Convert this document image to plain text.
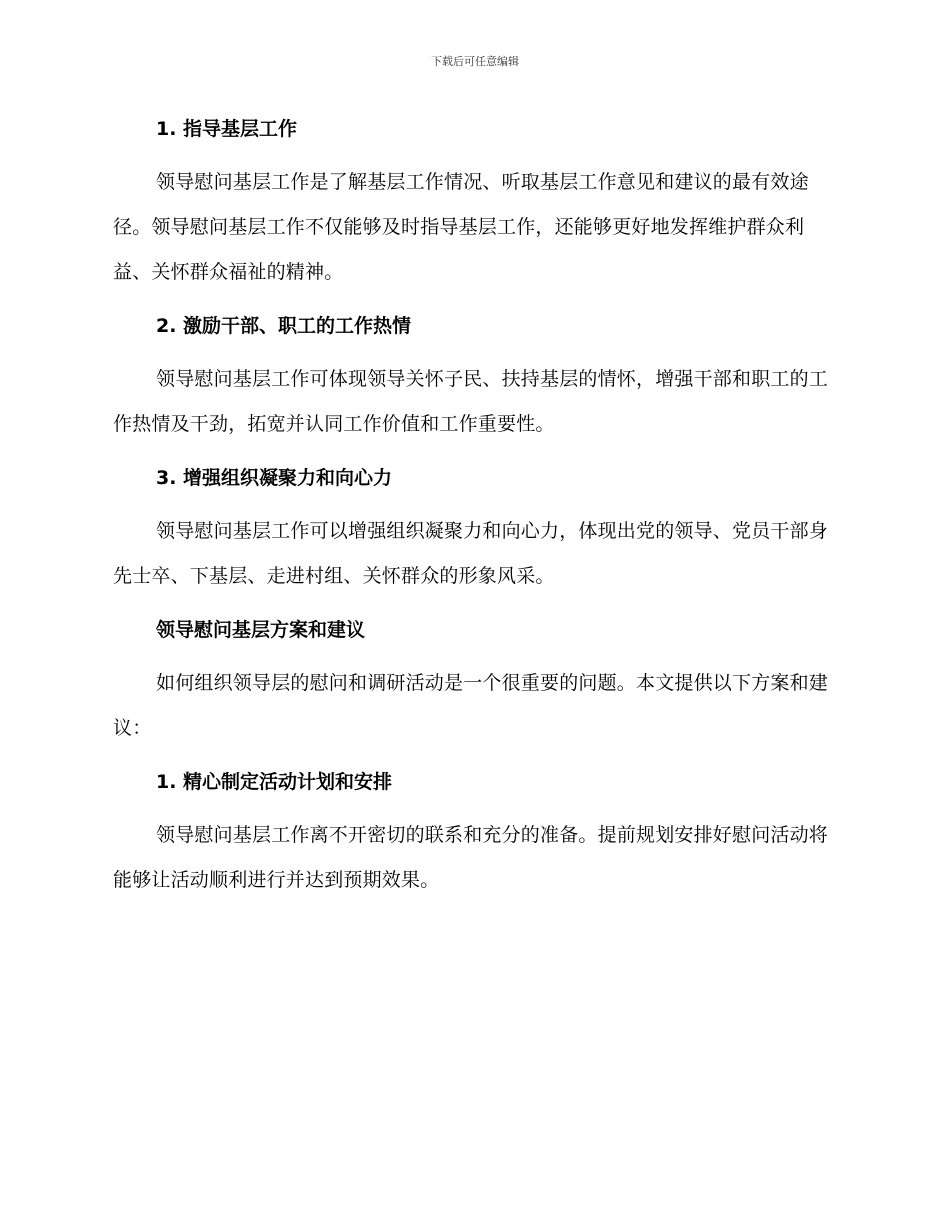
下载后可任意编辑
1. 指导基层工作

领导慰问基层工作是了解基层工作情况、听取基层工作意见和建议的最有效途径。领导慰问基层工作不仅能够及时指导基层工作，还能够更好地发挥维护群众利益、关怀群众福祉的精神。

2. 激励干部、职工的工作热情

领导慰问基层工作可体现领导关怀子民、扶持基层的情怀，增强干部和职工的工作热情及干劲，拓宽并认同工作价值和工作重要性。

3. 增强组织凝聚力和向心力

领导慰问基层工作可以增强组织凝聚力和向心力，体现出党的领导、党员干部身先士卒、下基层、走进村组、关怀群众的形象风采。

领导慰问基层方案和建议

如何组织领导层的慰问和调研活动是一个很重要的问题。本文提供以下方案和建议：

1. 精心制定活动计划和安排

领导慰问基层工作离不开密切的联系和充分的准备。提前规划安排好慰问活动将能够让活动顺利进行并达到预期效果。
